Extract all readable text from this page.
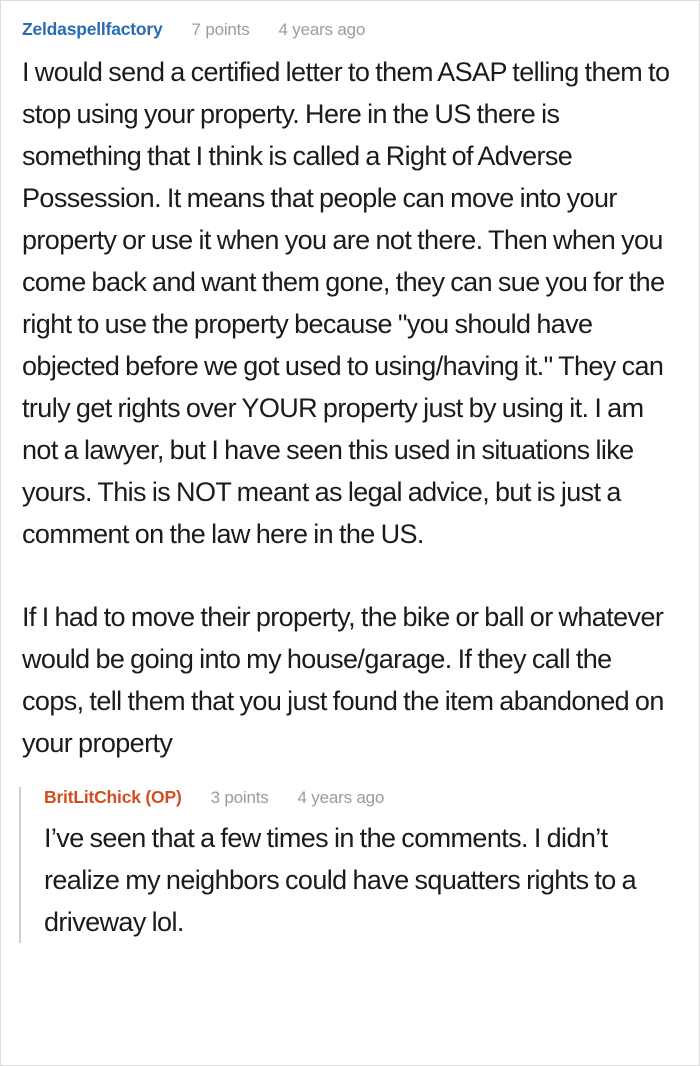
Zeldaspellfactory 7 points 4 years ago

I would send a certified letter to them ASAP telling them to stop using your property. Here in the US there is something that I think is called a Right of Adverse Possession. It means that people can move into your property or use it when you are not there. Then when you come back and want them gone, they can sue you for the right to use the property because "you should have objected before we got used to using/having it." They can truly get rights over YOUR property just by using it. I am not a lawyer, but I have seen this used in situations like yours. This is NOT meant as legal advice, but is just a comment on the law here in the US.

If I had to move their property, the bike or ball or whatever would be going into my house/garage. If they call the cops, tell them that you just found the item abandoned on your property

BritLitChick (OP) 3 points 4 years ago

I’ve seen that a few times in the comments. I didn’t realize my neighbors could have squatters rights to a driveway lol.
